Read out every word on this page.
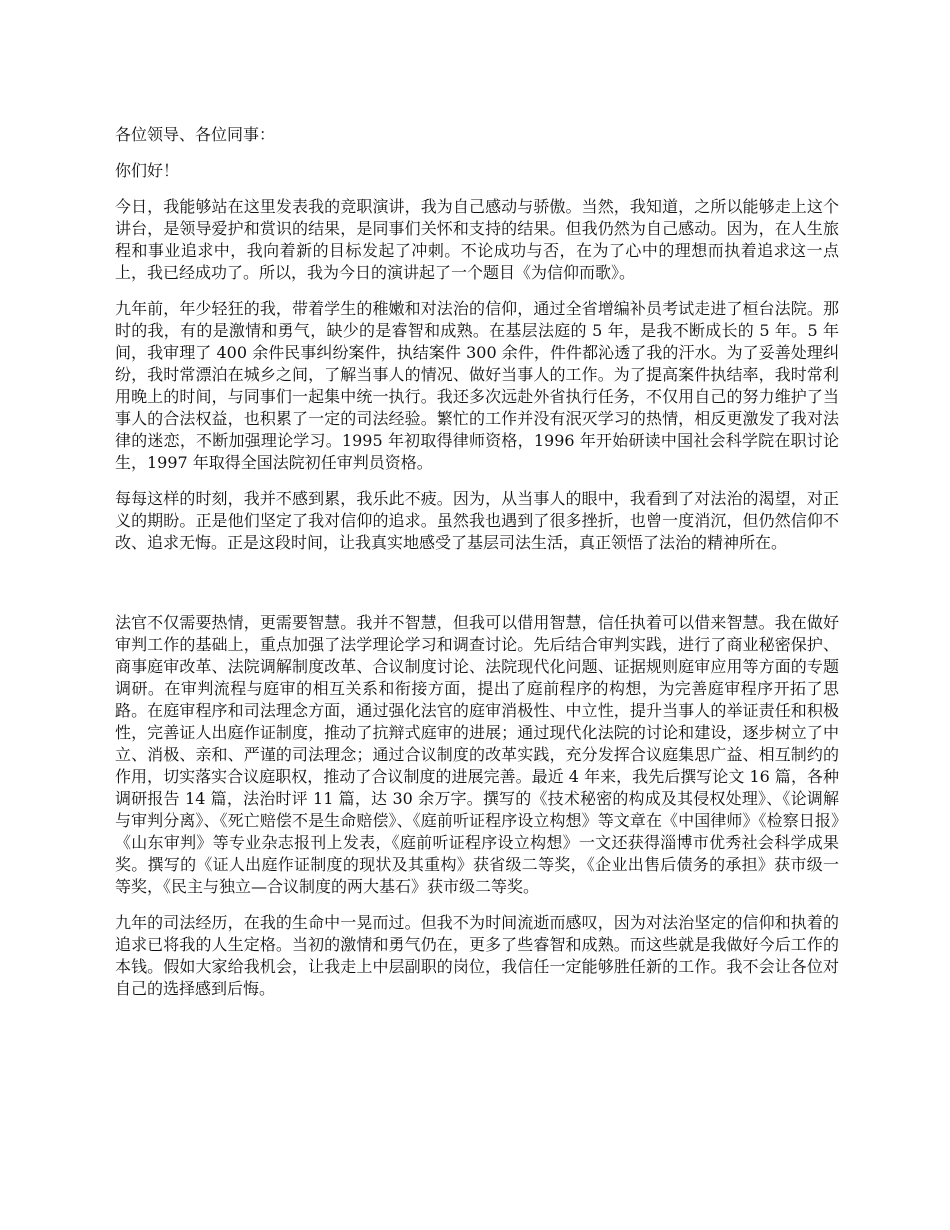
各位领导、各位同事：

你们好！

今日，我能够站在这里发表我的竞职演讲，我为自己感动与骄傲。当然，我知道，之所以能够走上这个讲台，是领导爱护和赏识的结果，是同事们关怀和支持的结果。但我仍然为自己感动。因为，在人生旅程和事业追求中，我向着新的目标发起了冲刺。不论成功与否，在为了心中的理想而执着追求这一点上，我已经成功了。所以，我为今日的演讲起了一个题目《为信仰而歌》。

九年前，年少轻狂的我，带着学生的稚嫩和对法治的信仰，通过全省增编补员考试走进了桓台法院。那时的我，有的是激情和勇气，缺少的是睿智和成熟。在基层法庭的 5 年，是我不断成长的 5 年。5 年间，我审理了 400 余件民事纠纷案件，执结案件 300 余件，件件都沁透了我的汗水。为了妥善处理纠纷，我时常漂泊在城乡之间，了解当事人的情况、做好当事人的工作。为了提高案件执结率，我时常利用晚上的时间，与同事们一起集中统一执行。我还多次远赴外省执行任务，不仅用自己的努力维护了当事人的合法权益，也积累了一定的司法经验。繁忙的工作并没有泯灭学习的热情，相反更激发了我对法律的迷恋，不断加强理论学习。1995 年初取得律师资格，1996 年开始研读中国社会科学院在职讨论生，1997 年取得全国法院初任审判员资格。

每每这样的时刻，我并不感到累，我乐此不疲。因为，从当事人的眼中，我看到了对法治的渴望，对正义的期盼。正是他们坚定了我对信仰的追求。虽然我也遇到了很多挫折，也曾一度消沉，但仍然信仰不改、追求无悔。正是这段时间，让我真实地感受了基层司法生活，真正领悟了法治的精神所在。

法官不仅需要热情，更需要智慧。我并不智慧，但我可以借用智慧，信任执着可以借来智慧。我在做好审判工作的基础上，重点加强了法学理论学习和调查讨论。先后结合审判实践，进行了商业秘密保护、商事庭审改革、法院调解制度改革、合议制度讨论、法院现代化问题、证据规则庭审应用等方面的专题调研。在审判流程与庭审的相互关系和衔接方面，提出了庭前程序的构想，为完善庭审程序开拓了思路。在庭审程序和司法理念方面，通过强化法官的庭审消极性、中立性，提升当事人的举证责任和积极性，完善证人出庭作证制度，推动了抗辩式庭审的进展；通过现代化法院的讨论和建设，逐步树立了中立、消极、亲和、严谨的司法理念；通过合议制度的改革实践，充分发挥合议庭集思广益、相互制约的作用，切实落实合议庭职权，推动了合议制度的进展完善。最近 4 年来，我先后撰写论文 16 篇，各种调研报告 14 篇，法治时评 11 篇，达 30 余万字。撰写的《技术秘密的构成及其侵权处理》、《论调解与审判分离》、《死亡赔偿不是生命赔偿》、《庭前听证程序设立构想》等文章在《中国律师》《检察日报》《山东审判》等专业杂志报刊上发表，《庭前听证程序设立构想》一文还获得淄博市优秀社会科学成果奖。撰写的《证人出庭作证制度的现状及其重构》获省级二等奖，《企业出售后债务的承担》获市级一等奖，《民主与独立—合议制度的两大基石》获市级二等奖。

九年的司法经历，在我的生命中一晃而过。但我不为时间流逝而感叹，因为对法治坚定的信仰和执着的追求已将我的人生定格。当初的激情和勇气仍在，更多了些睿智和成熟。而这些就是我做好今后工作的本钱。假如大家给我机会，让我走上中层副职的岗位，我信任一定能够胜任新的工作。我不会让各位对自己的选择感到后悔。
